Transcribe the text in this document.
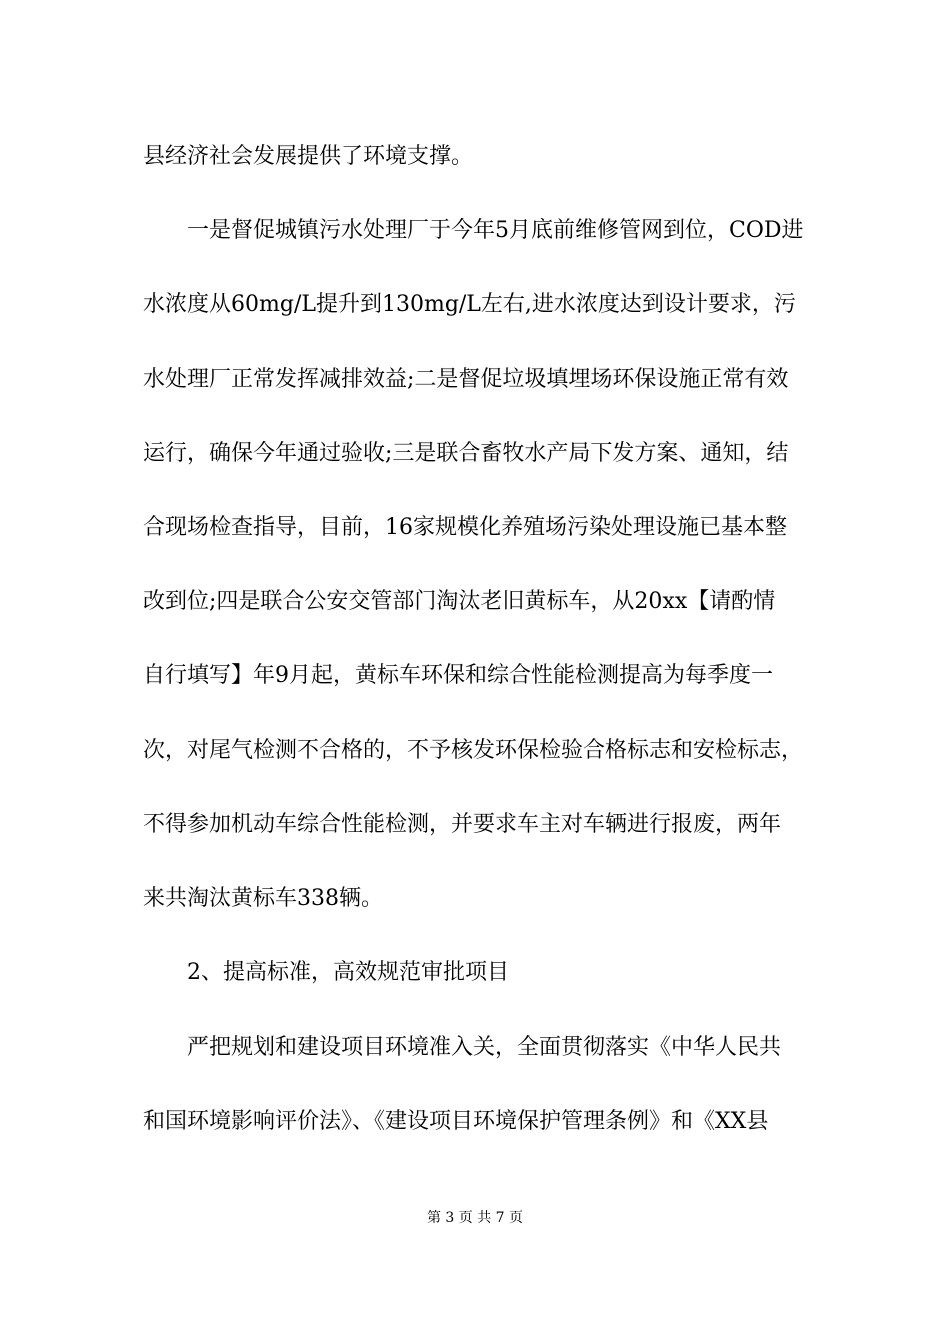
县经济社会发展提供了环境支撑。
　　一是督促城镇污水处理厂于今年5月底前维修管网到位，COD进
水浓度从60mg/L提升到130mg/L左右,进水浓度达到设计要求，污
水处理厂正常发挥减排效益;二是督促垃圾填埋场环保设施正常有效
运行，确保今年通过验收;三是联合畜牧水产局下发方案、通知，结
合现场检查指导，目前，16家规模化养殖场污染处理设施已基本整
改到位;四是联合公安交管部门淘汰老旧黄标车，从20xx【请酌情
自行填写】年9月起，黄标车环保和综合性能检测提高为每季度一
次，对尾气检测不合格的，不予核发环保检验合格标志和安检标志，
不得参加机动车综合性能检测，并要求车主对车辆进行报废，两年
来共淘汰黄标车338辆。
　　2、提高标准，高效规范审批项目
　　严把规划和建设项目环境准入关，全面贯彻落实《中华人民共
和国环境影响评价法》、《建设项目环境保护管理条例》和《XX县
第 3 页 共 7 页
